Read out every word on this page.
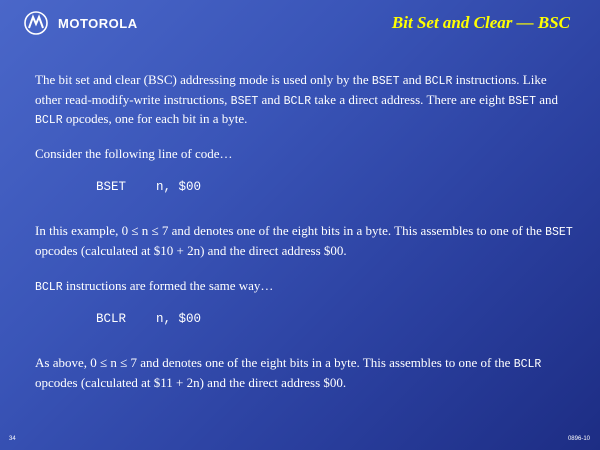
MOTOROLA	Bit Set and Clear — BSC

The bit set and clear (BSC) addressing mode is used only by the BSET and BCLR instructions. Like other read-modify-write instructions, BSET and BCLR take a direct address. There are eight BSET and BCLR opcodes, one for each bit in a byte.

Consider the following line of code…

BSET    n, $00

In this example, 0 ≤ n ≤ 7 and denotes one of the eight bits in a byte. This assembles to one of the BSET opcodes (calculated at $10 + 2n) and the direct address $00.

BCLR instructions are formed the same way…

BCLR    n, $00

As above, 0 ≤ n ≤ 7 and denotes one of the eight bits in a byte. This assembles to one of the BCLR opcodes (calculated at $11 + 2n) and the direct address $00.

34	0896-10
